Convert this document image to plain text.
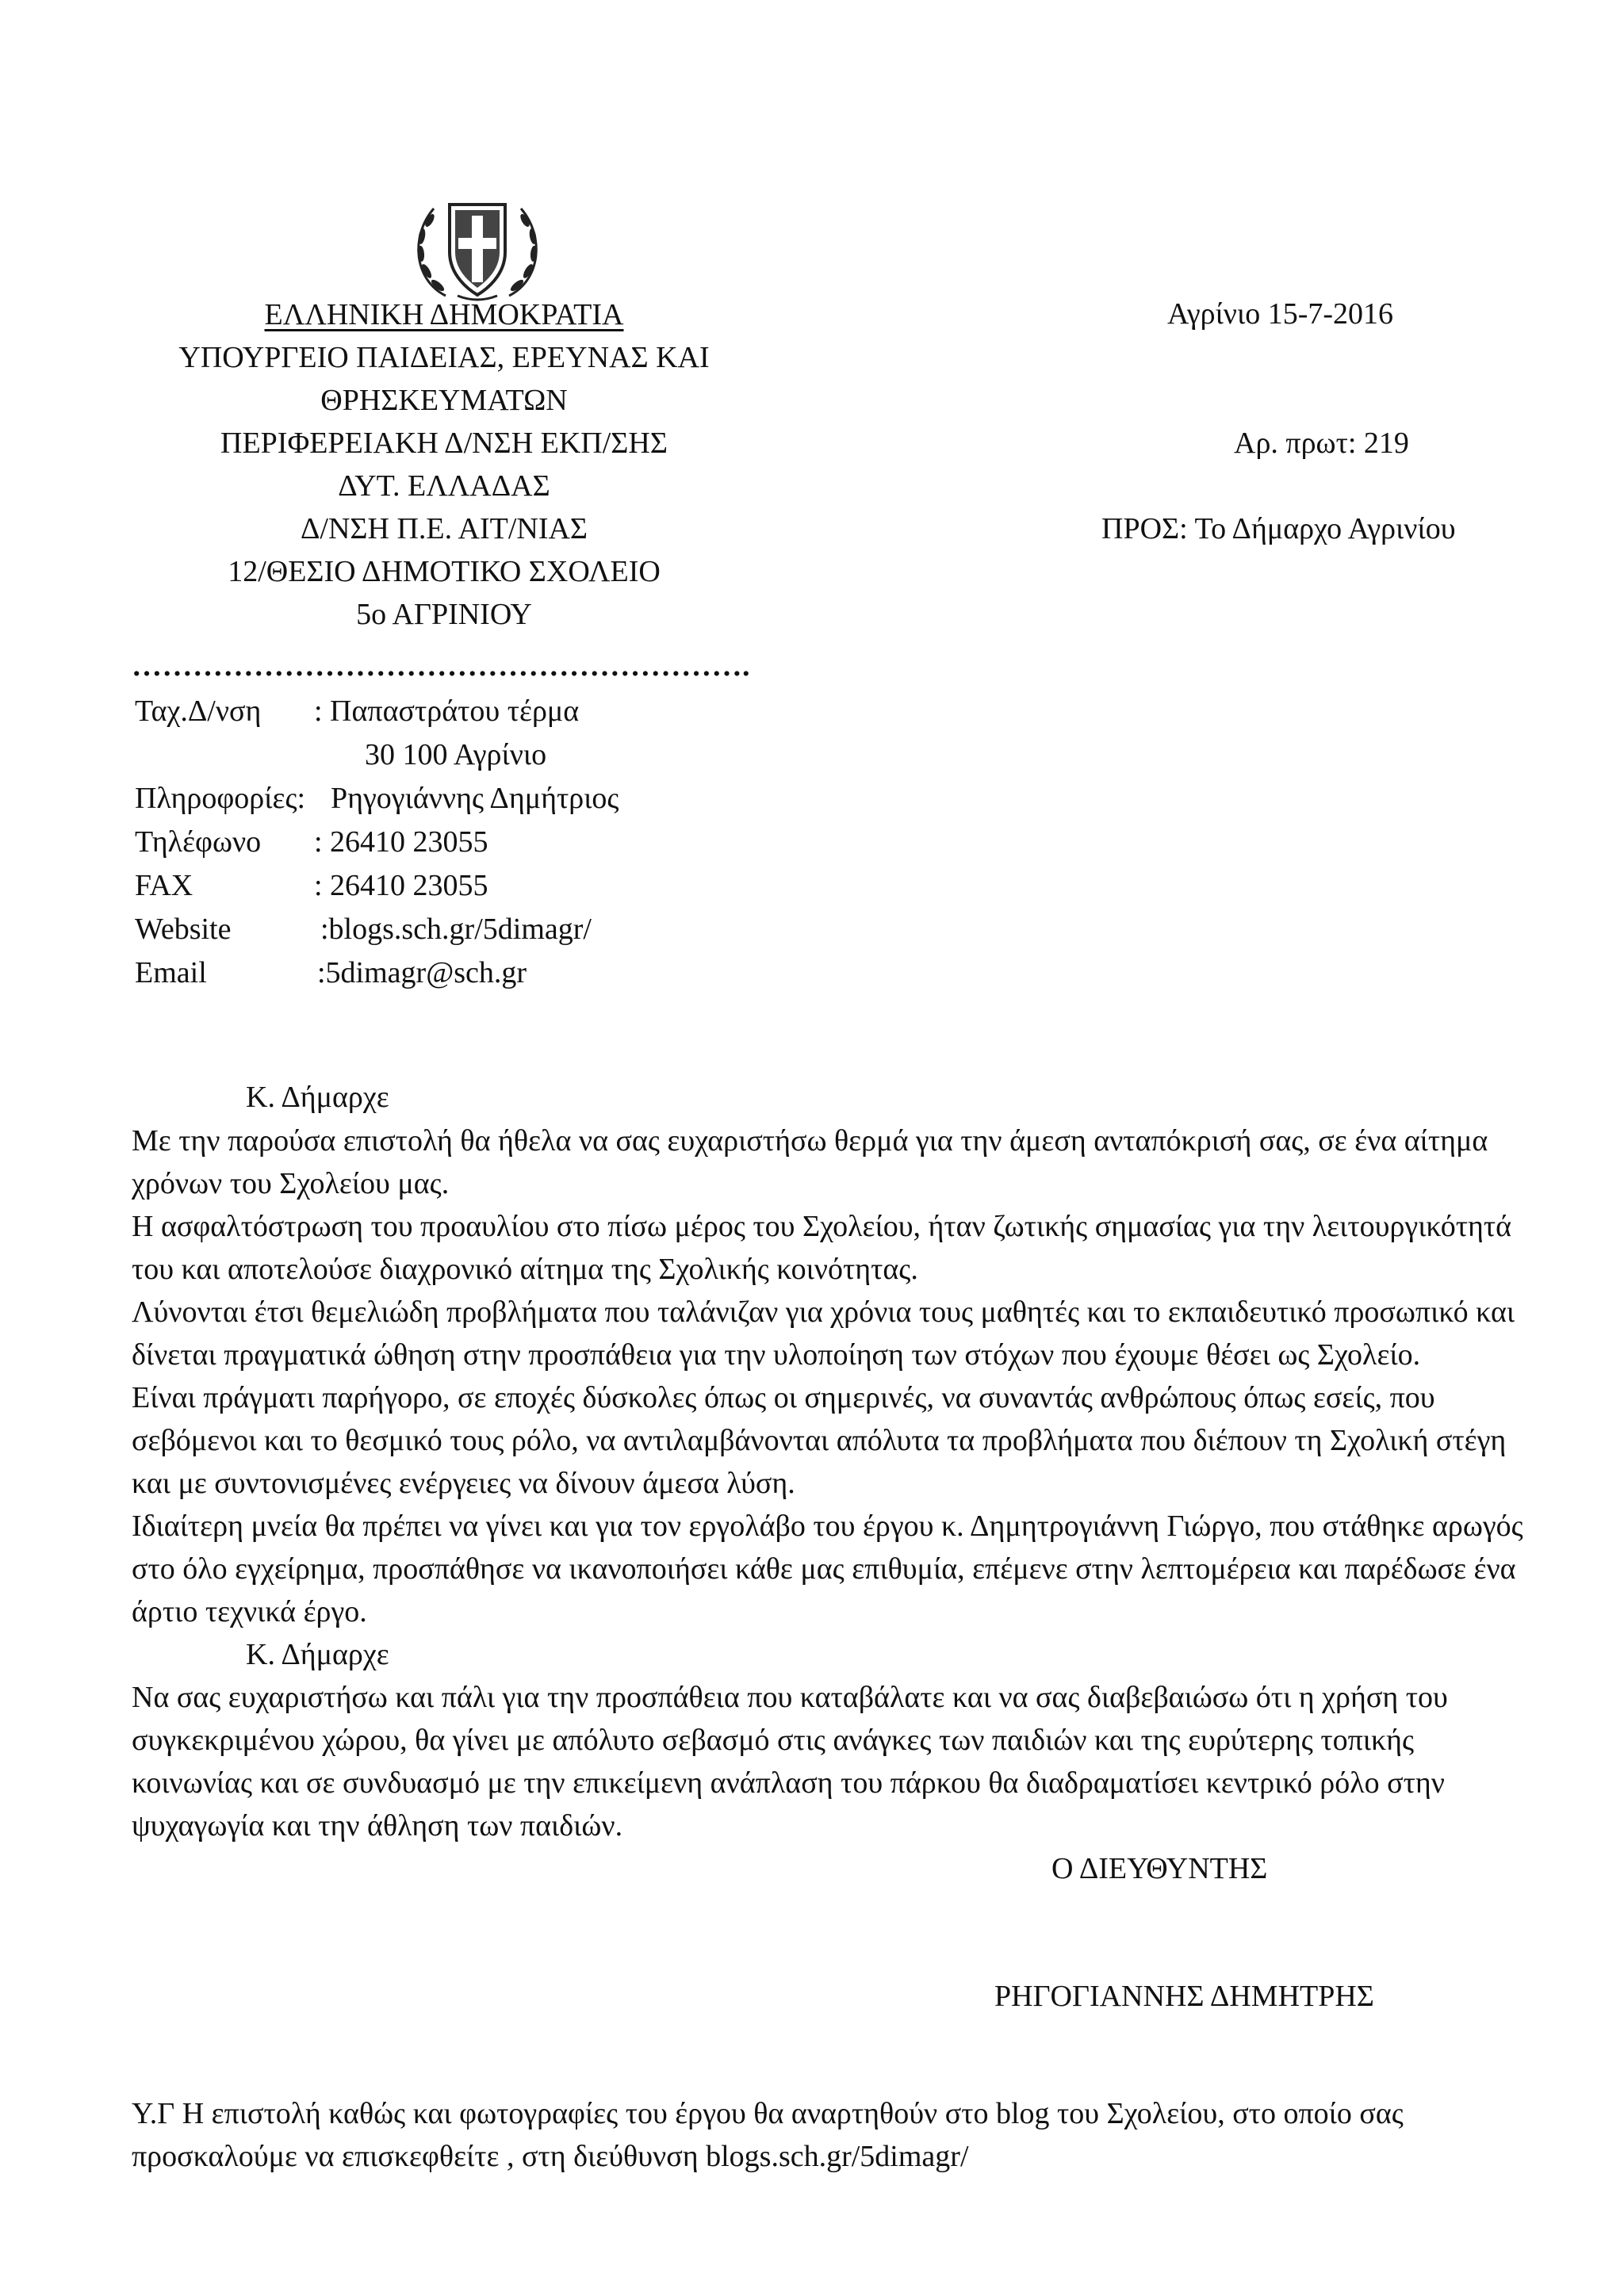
ΕΛΛΗΝΙΚΗ ΔΗΜΟΚΡΑΤΙΑ
ΥΠΟΥΡΓΕΙΟ ΠΑΙΔΕΙΑΣ, ΕΡΕΥΝΑΣ ΚΑΙ
ΘΡΗΣΚΕΥΜΑΤΩΝ
ΠΕΡΙΦΕΡΕΙΑΚΗ Δ/ΝΣΗ ΕΚΠ/ΣΗΣ
ΔΥΤ. ΕΛΛΑΔΑΣ
Δ/ΝΣΗ Π.Ε. ΑΙΤ/ΝΙΑΣ
12/ΘΕΣΙΟ ΔΗΜΟΤΙΚΟ ΣΧΟΛΕΙΟ
5ο ΑΓΡΙΝΙΟΥ
Αγρίνιο 15-7-2016
Αρ. πρωτ: 219
ΠΡΟΣ: Το Δήμαρχο Αγρινίου
…………………………………………………….
Ταχ.Δ/νση : Παπαστράτου τέρμα
30 100 Αγρίνιο
Πληροφορίες: Ρηγογιάννης Δημήτριος
Τηλέφωνο : 26410 23055
FAX	: 26410 23055
Website	:blogs.sch.gr/5dimagr/
Email	:5dimagr@sch.gr
Κ. Δήμαρχε

Με την παρούσα επιστολή θα ήθελα να σας ευχαριστήσω θερμά για την άμεση ανταπόκρισή σας, σε ένα αίτημα χρόνων του Σχολείου μας.

Η ασφαλτόστρωση του προαυλίου στο πίσω μέρος του Σχολείου, ήταν ζωτικής σημασίας για την λειτουργικότητά του και αποτελούσε διαχρονικό αίτημα της Σχολικής κοινότητας.

Λύνονται έτσι θεμελιώδη προβλήματα που ταλάνιζαν για χρόνια τους μαθητές και το εκπαιδευτικό προσωπικό και δίνεται πραγματικά ώθηση στην προσπάθεια για την υλοποίηση των στόχων που έχουμε θέσει ως Σχολείο.

Είναι πράγματι παρήγορο, σε εποχές δύσκολες όπως οι σημερινές, να συναντάς ανθρώπους όπως εσείς, που σεβόμενοι και το θεσμικό τους ρόλο, να αντιλαμβάνονται απόλυτα τα προβλήματα που διέπουν τη Σχολική στέγη και με συντονισμένες ενέργειες να δίνουν άμεσα λύση.

Ιδιαίτερη μνεία θα πρέπει να γίνει και για τον εργολάβο του έργου κ. Δημητρογιάννη Γιώργο, που στάθηκε αρωγός στο όλο εγχείρημα, προσπάθησε να ικανοποιήσει κάθε μας επιθυμία, επέμενε στην λεπτομέρεια και παρέδωσε ένα άρτιο τεχνικά έργο.

Κ. Δήμαρχε

Να σας ευχαριστήσω και πάλι για την προσπάθεια που καταβάλατε και να σας διαβεβαιώσω ότι η χρήση του συγκεκριμένου χώρου, θα γίνει με απόλυτο σεβασμό στις ανάγκες των παιδιών και της ευρύτερης τοπικής κοινωνίας και σε συνδυασμό με την επικείμενη ανάπλαση του πάρκου θα διαδραματίσει κεντρικό ρόλο στην ψυχαγωγία και την άθληση των παιδιών.

Ο ΔΙΕΥΘΥΝΤΗΣ
ΡΗΓΟΓΙΑΝΝΗΣ ΔΗΜΗΤΡΗΣ

Υ.Γ Η επιστολή καθώς και φωτογραφίες του έργου θα αναρτηθούν στο blog του Σχολείου, στο οποίο σας προσκαλούμε να επισκεφθείτε , στη διεύθυνση blogs.sch.gr/5dimagr/
